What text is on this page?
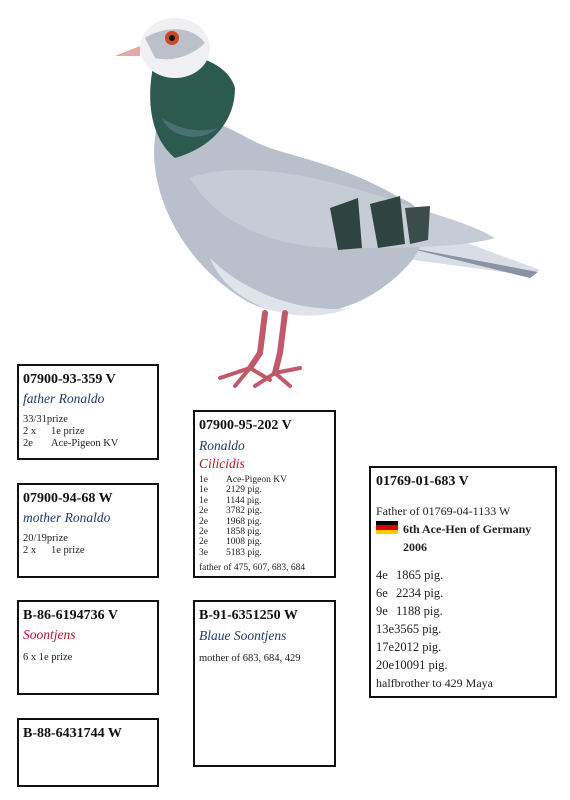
07900-93-359 V

father Ronaldo
33/31 prize
2 x	1e prize
2e	Ace-Pigeon KV

07900-94-68 W

mother Ronaldo
20/19 prize
2 x	1e prize

B-86-6194736 V

Soontjens
6 x 1e prize

B-88-6431744 W

07900-95-202 V

Ronaldo
Cilicidis
1e	Ace-Pigeon KV
1e	2129 pig.
1e	1144 pig.
2e	3782 pig.
2e	1968 pig.
2e	1858 pig.
2e	1008 pig.
3e	5183 pig.
father of 475, 607, 683, 684

B-91-6351250 W

Blaue Soontjens
mother of 683, 684, 429

01769-01-683 V

Father of 01769-04-1133 W
6th Ace-Hen of Germany
2006
4e 1865 pig.
6e 2234 pig.
9e 1188 pig.
13e 3565 pig.
17e 2012 pig.
20e 10091 pig.
halfbrother to 429 Maya
